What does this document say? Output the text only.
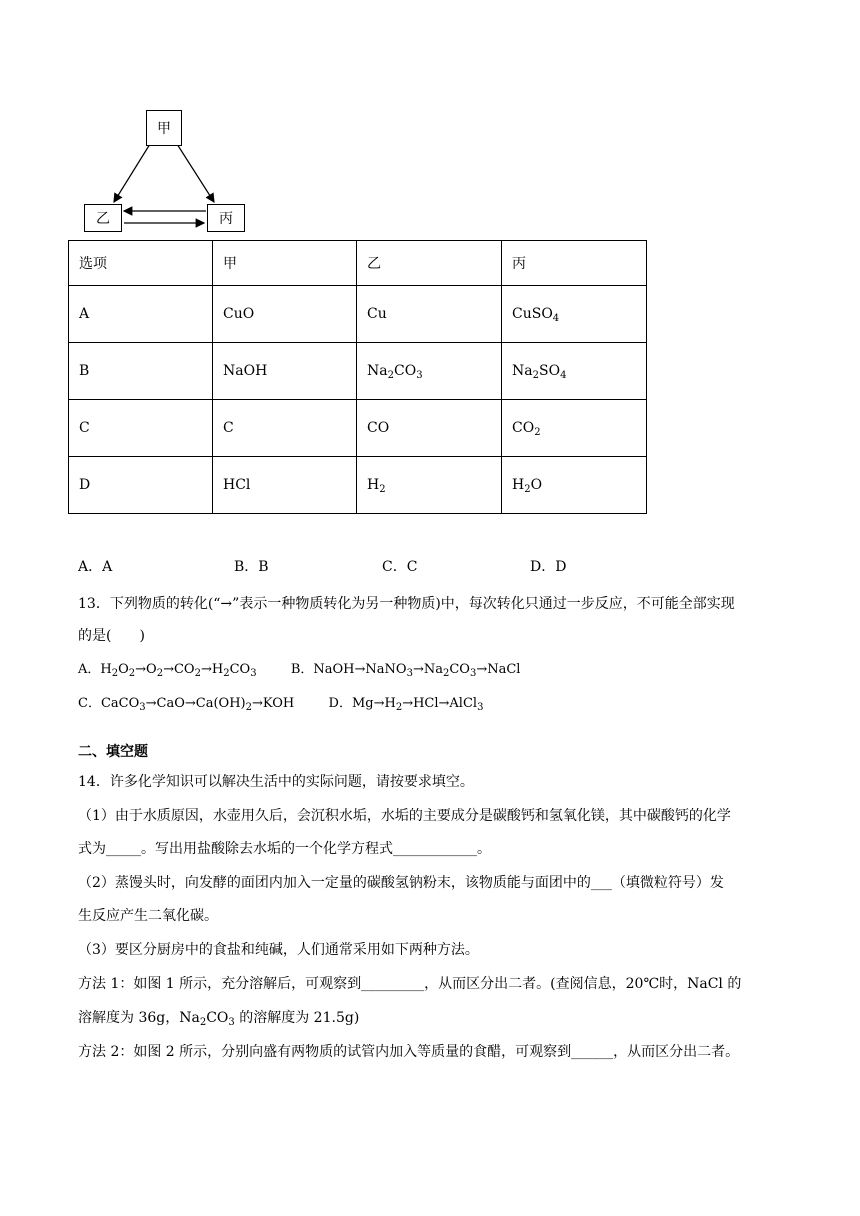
甲
乙	丙
选项	甲	乙	丙
A	CuO	Cu	CuSO$_4$
B	NaOH	$Na_2CO_3$	$Na_2SO_4$
C	C	CO	$CO_2$
D	HCl	$H_2$	$H_2O$
A．A	B．B	C．C	D．D
13．下列物质的转化(“→”表示一种物质转化为另一种物质)中，每次转化只通过一步反应，不可能全部实现
的是(　　)
A．$H_2O_2\to O_2\to CO_2\to H_2CO_3$	B．$NaOH\to NaNO_3\to Na_2CO_3\to NaCl$
C．$CaCO_3\to CaO\to Ca(OH)_2\to KOH$	D．$Mg\to H_2\to HCl\to AlCl_3$
二、填空题
14．许多化学知识可以解决生活中的实际问题，请按要求填空。
（1）由于水质原因，水壶用久后，会沉积水垢，水垢的主要成分是碳酸钙和氢氧化镁，其中碳酸钙的化学
式为_____。写出用盐酸除去水垢的一个化学方程式____________。
（2）蒸馒头时，向发酵的面团内加入一定量的碳酸氢钠粉末，该物质能与面团中的___（填微粒符号）发
生反应产生二氧化碳。
（3）要区分厨房中的食盐和纯碱，人们通常采用如下两种方法。
方法 1：如图 1 所示，充分溶解后，可观察到_________，从而区分出二者。(查阅信息，20℃时，NaCl 的
溶解度为 36g，$Na_2CO_3$ 的溶解度为 21.5g)
方法 2：如图 2 所示，分别向盛有两物质的试管内加入等质量的食醋，可观察到______，从而区分出二者。
